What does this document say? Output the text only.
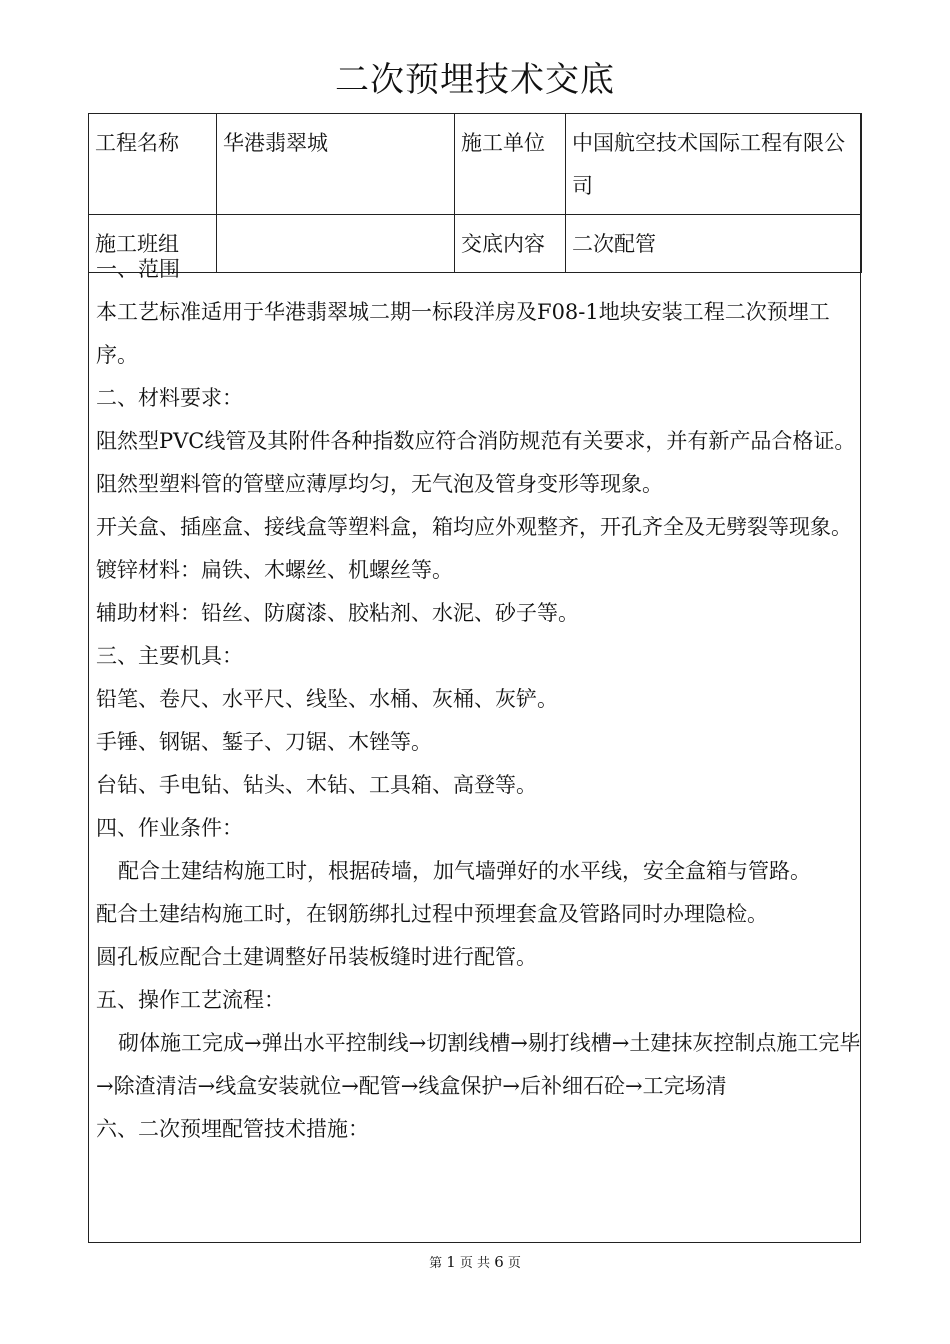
二次预埋技术交底
工程名称	华港翡翠城	施工单位	中国航空技术国际工程有限公司
施工班组		交底内容	二次配管

一、范围

本工艺标准适用于华港翡翠城二期一标段洋房及F08-1地块安装工程二次预埋工序。

二、材料要求：

阻然型PVC线管及其附件各种指数应符合消防规范有关要求，并有新产品合格证。

阻然型塑料管的管壁应薄厚均匀，无气泡及管身变形等现象。

开关盒、插座盒、接线盒等塑料盒，箱均应外观整齐，开孔齐全及无劈裂等现象。

镀锌材料：扁铁、木螺丝、机螺丝等。

辅助材料：铅丝、防腐漆、胶粘剂、水泥、砂子等。

三、主要机具：

铅笔、卷尺、水平尺、线坠、水桶、灰桶、灰铲。

手锤、钢锯、錾子、刀锯、木锉等。

台钻、手电钻、钻头、木钻、工具箱、高登等。

四、作业条件：

配合土建结构施工时，根据砖墙，加气墙弹好的水平线，安全盒箱与管路。

配合土建结构施工时，在钢筋绑扎过程中预埋套盒及管路同时办理隐检。

圆孔板应配合土建调整好吊装板缝时进行配管。

五、操作工艺流程：

砌体施工完成→弹出水平控制线→切割线槽→剔打线槽→土建抹灰控制点施工完毕→除渣清洁→线盒安装就位→配管→线盒保护→后补细石砼→工完场清

六、二次预埋配管技术措施：

第 1 页 共 6 页
